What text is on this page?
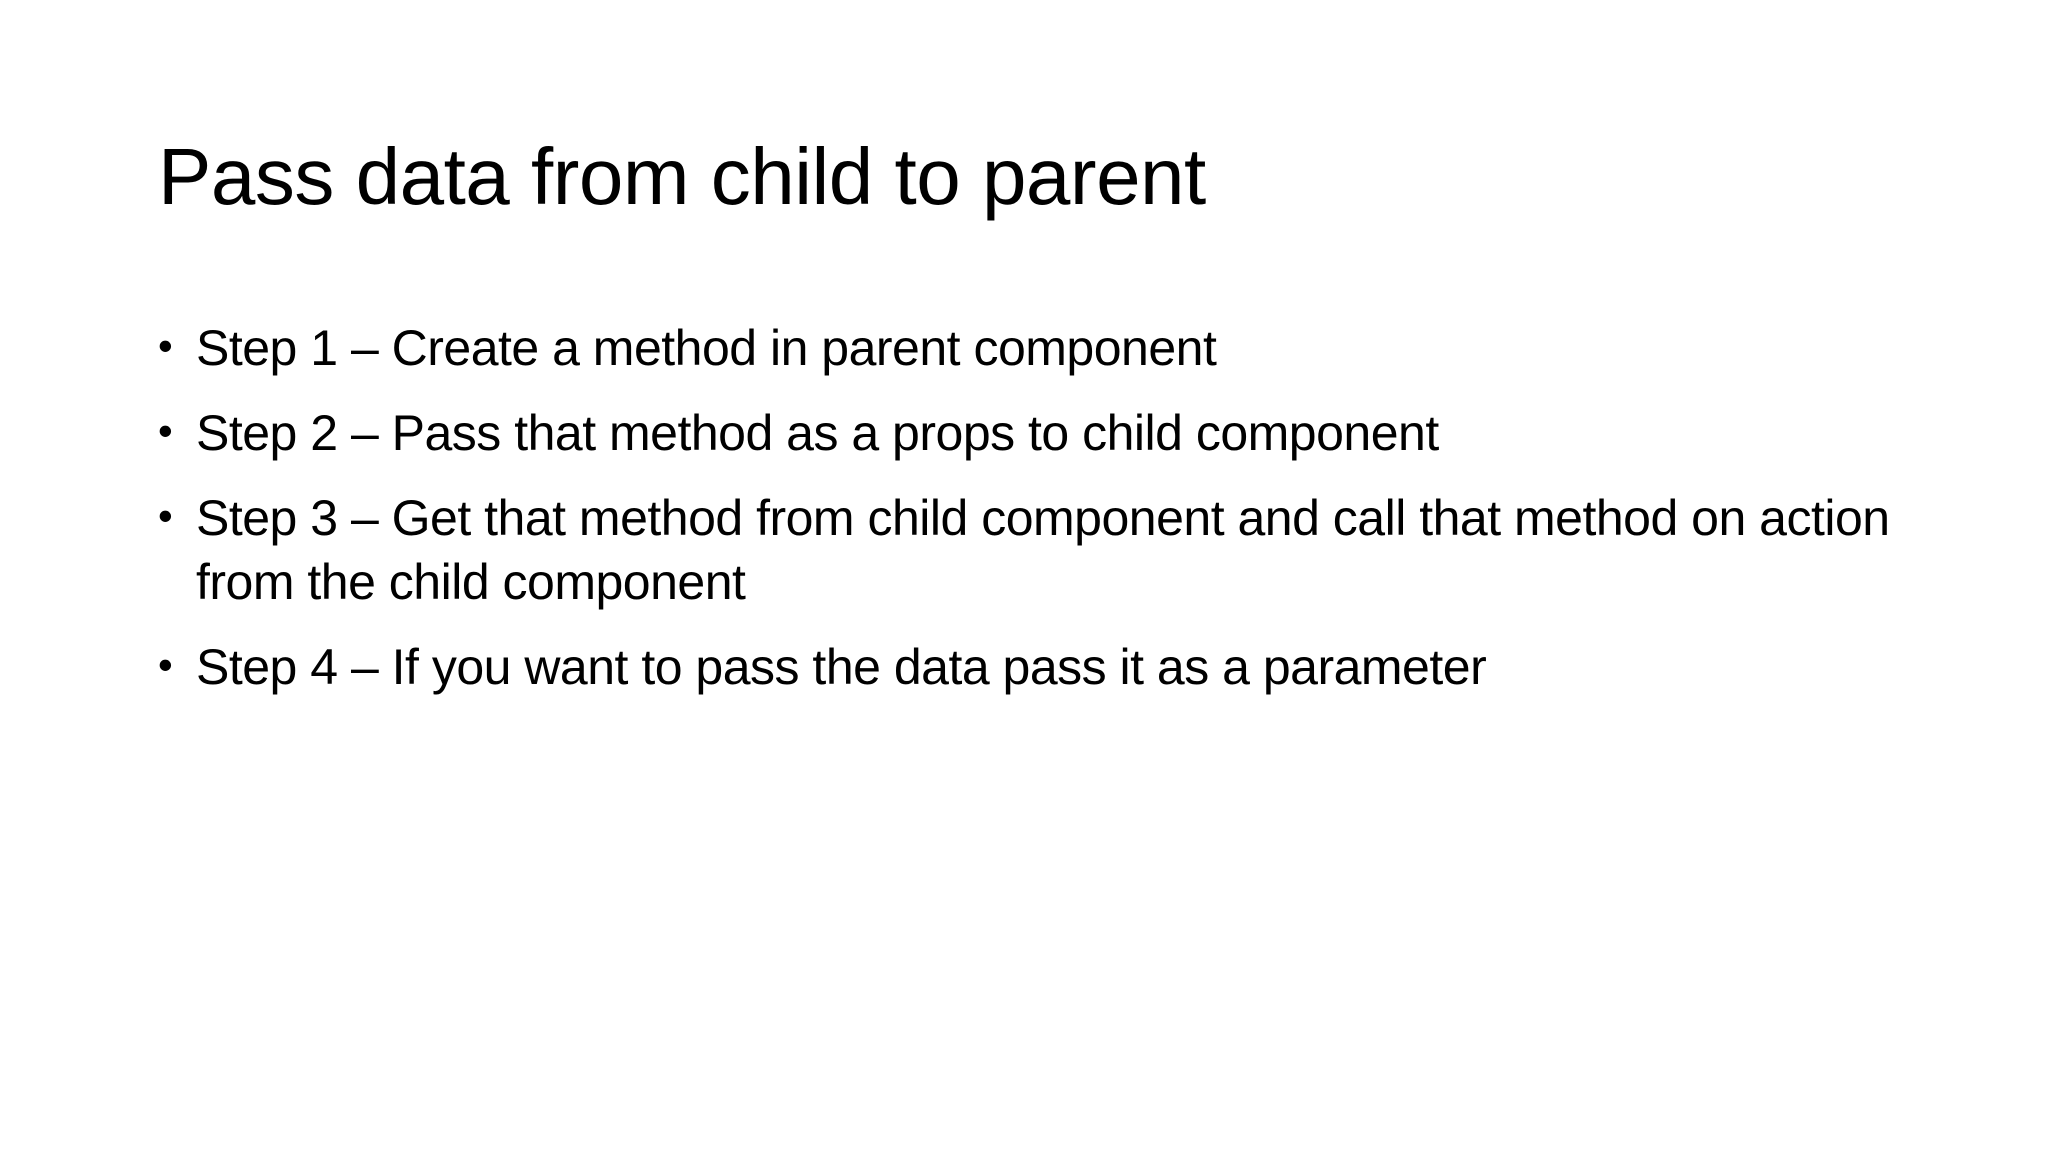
Pass data from child to parent
• Step 1 – Create a method in parent component
• Step 2 – Pass that method as a props to child component
• Step 3 – Get that method from child component and call that method on action from the child component
• Step 4 – If you want to pass the data pass it as a parameter
